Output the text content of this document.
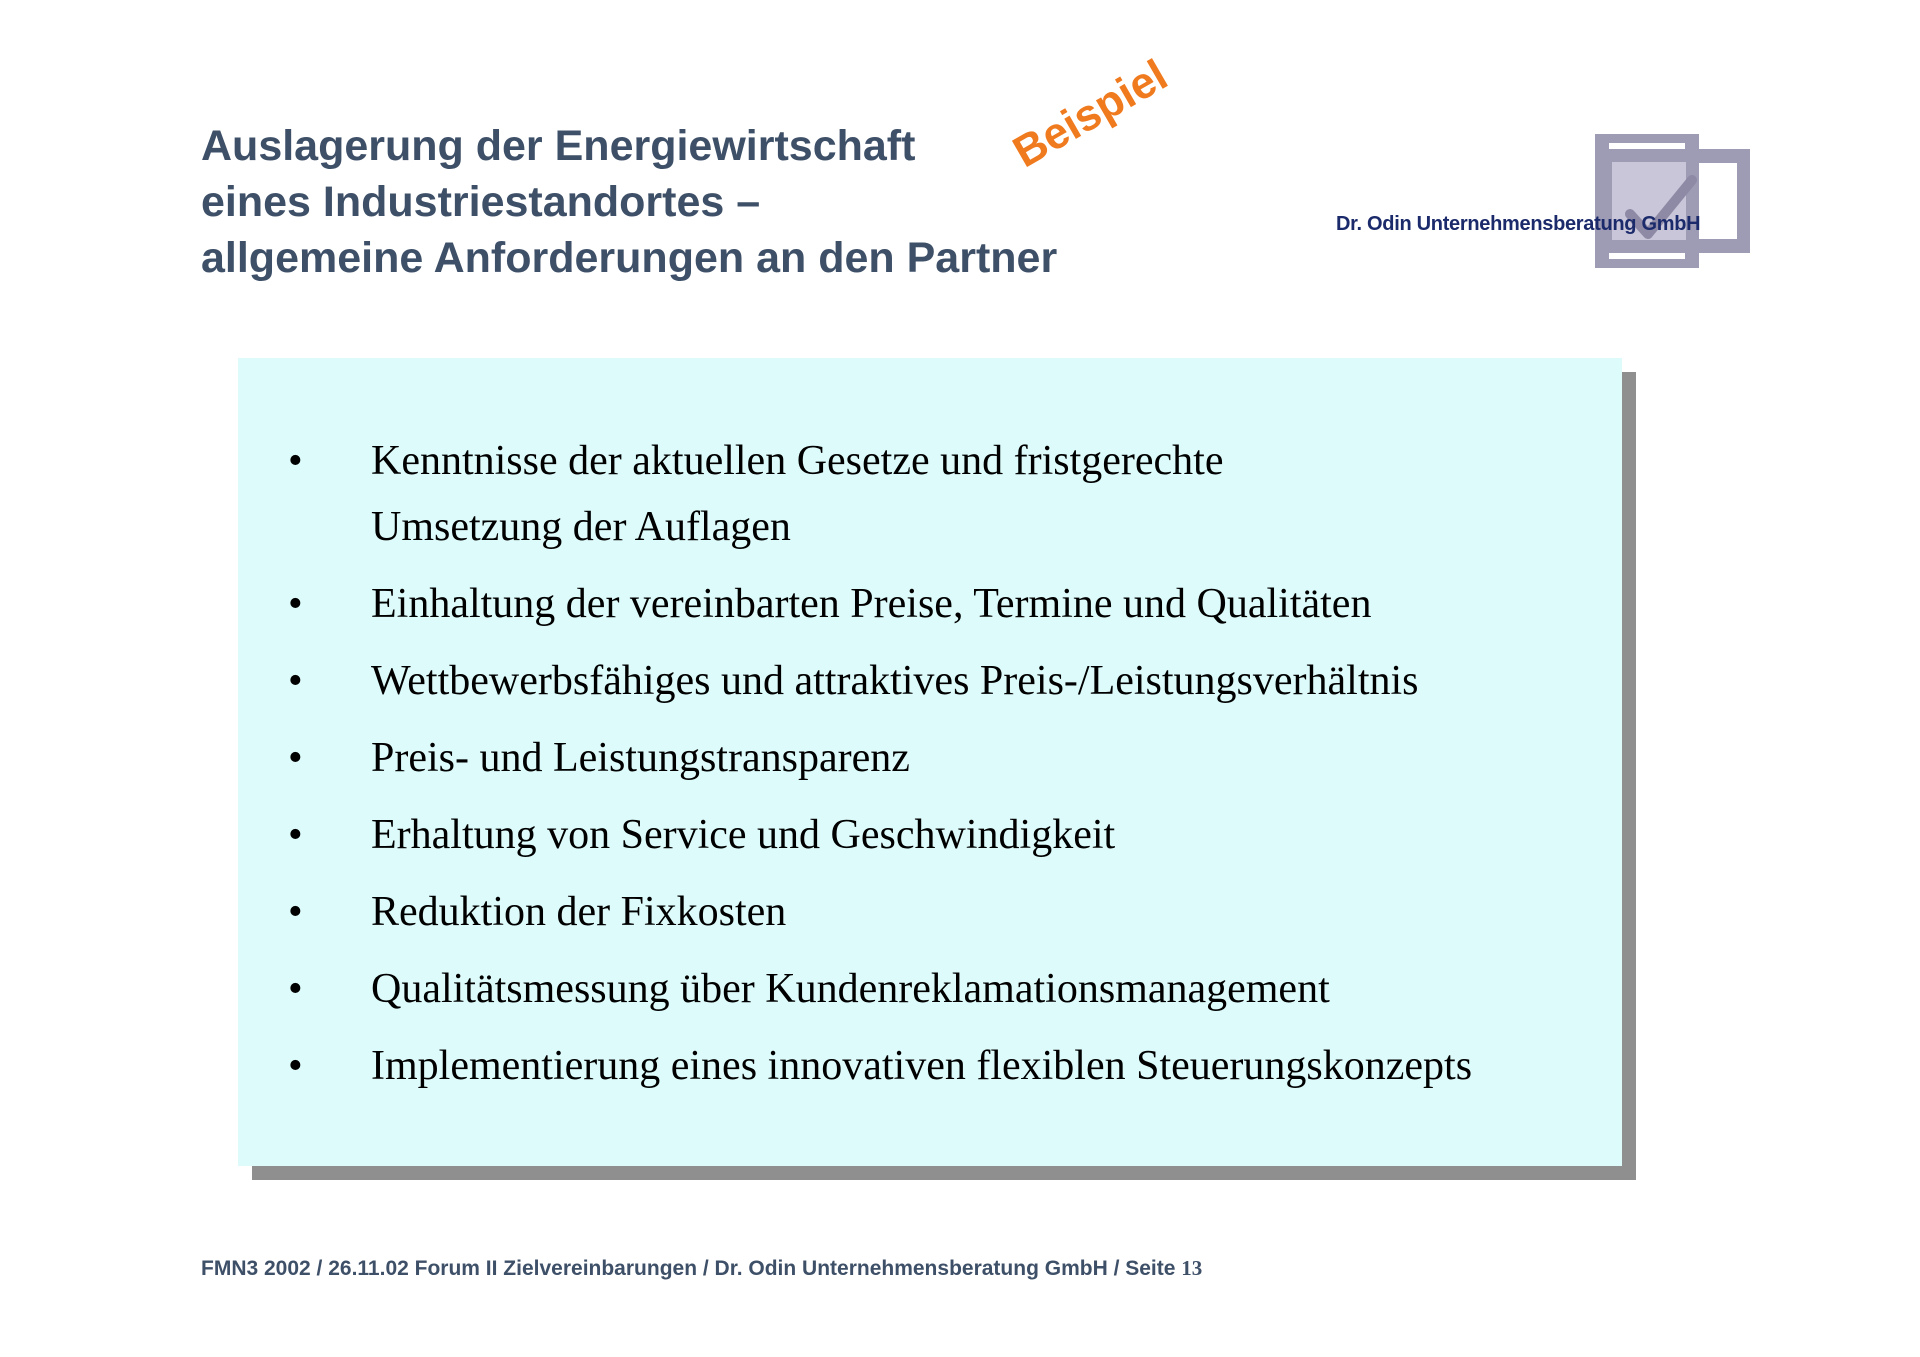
Auslagerung der Energiewirtschaft
eines Industriestandortes –
allgemeine Anforderungen an den Partner
Beispiel
Dr. Odin Unternehmensberatung GmbH
• Kenntnisse der aktuellen Gesetze und fristgerechte
Umsetzung der Auflagen
• Einhaltung der vereinbarten Preise, Termine und Qualitäten
• Wettbewerbsfähiges und attraktives Preis-/Leistungsverhältnis
• Preis- und Leistungstransparenz
• Erhaltung von Service und Geschwindigkeit
• Reduktion der Fixkosten
• Qualitätsmessung über Kundenreklamationsmanagement
• Implementierung eines innovativen flexiblen Steuerungskonzepts
FMN3 2002 / 26.11.02 Forum II Zielvereinbarungen / Dr. Odin Unternehmensberatung GmbH / Seite 13
